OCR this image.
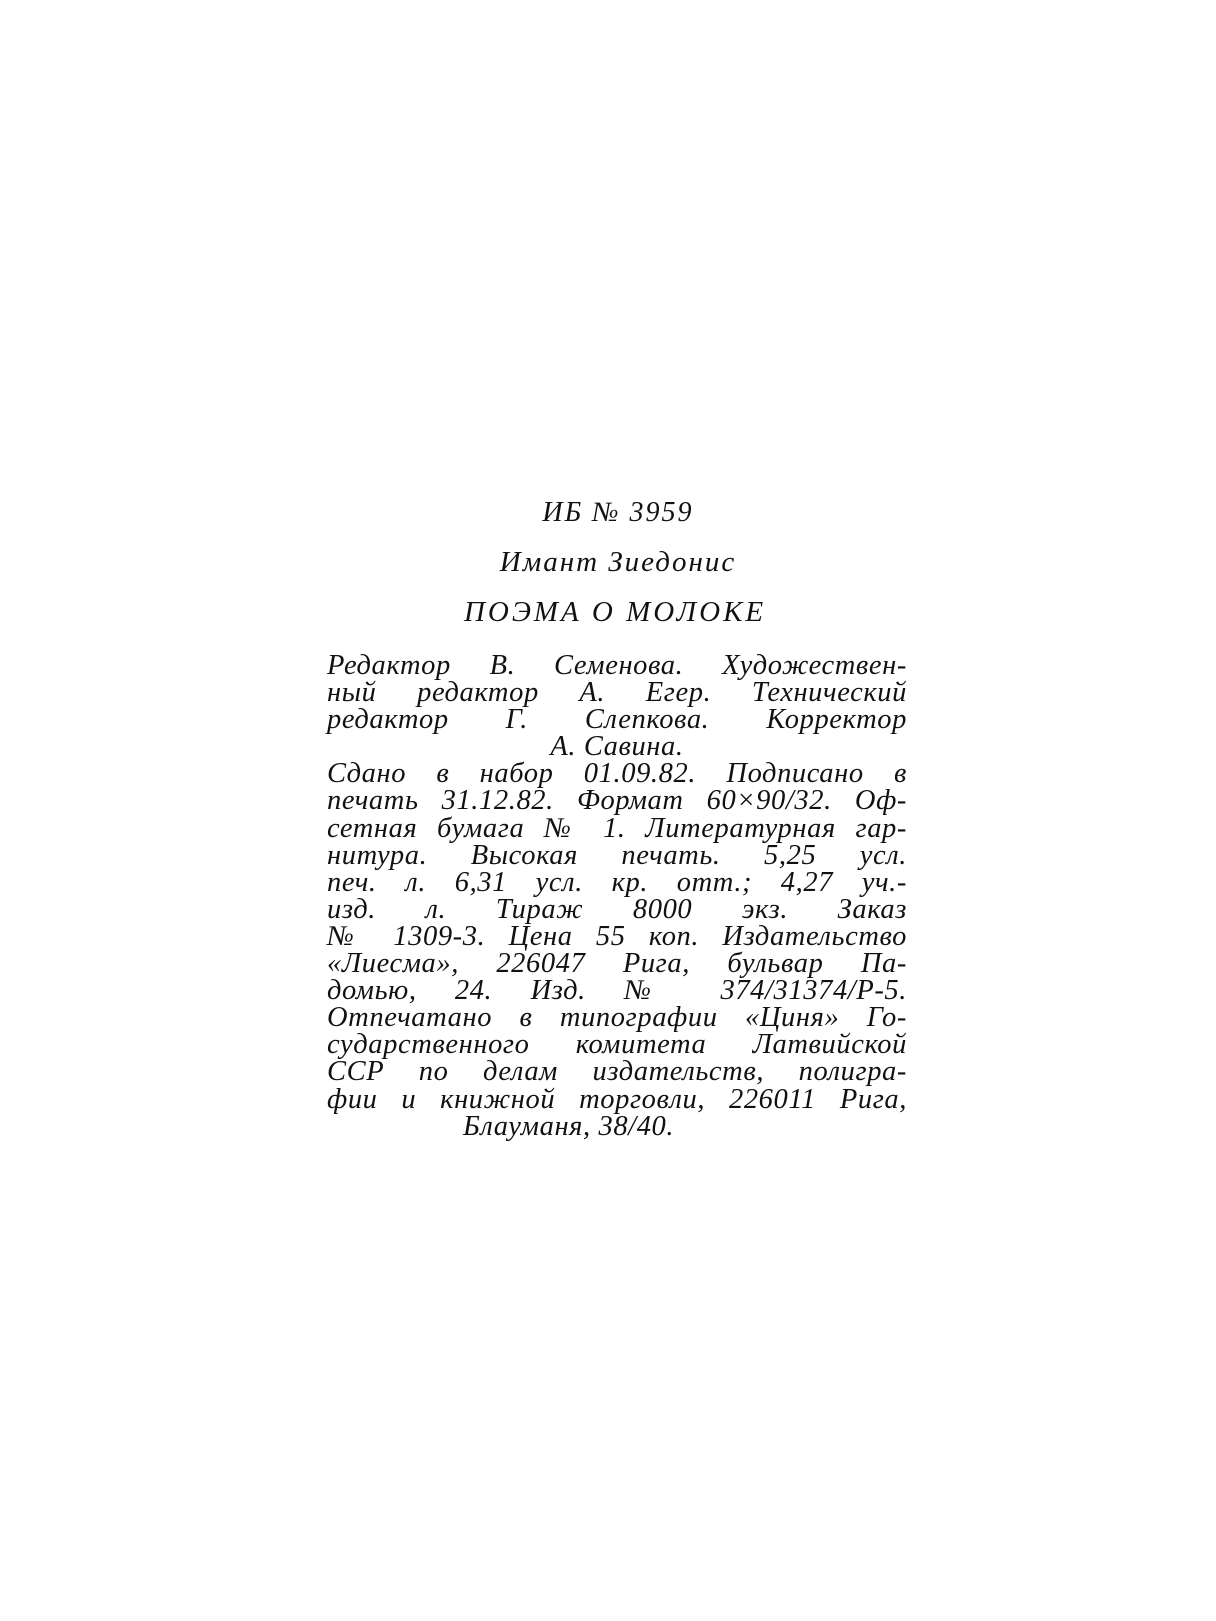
ИБ № 3959
Имант Зиедонис
ПОЭМА О МОЛОКЕ
Редактор В. Семенова. Художествен-
ный редактор А. Егер. Технический
редактор Г. Слепкова. Корректор
А. Савина.
Сдано в набор 01.09.82. Подписано в
печать 31.12.82. Формат 60×90/32. Оф-
сетная бумага № 1. Литературная гар-
нитура. Высокая печать. 5,25 усл.
печ. л. 6,31 усл. кр. отт.; 4,27 уч.-
изд. л. Тираж 8000 экз. Заказ
№ 1309-3. Цена 55 коп. Издательство
«Лиесма», 226047 Рига, бульвар Па-
домью, 24. Изд. № 374/31374/Р-5.
Отпечатано в типографии «Циня» Го-
сударственного комитета Латвийской
ССР по делам издательств, полигра-
фии и книжной торговли, 226011 Рига,
Блауманя, 38/40.
